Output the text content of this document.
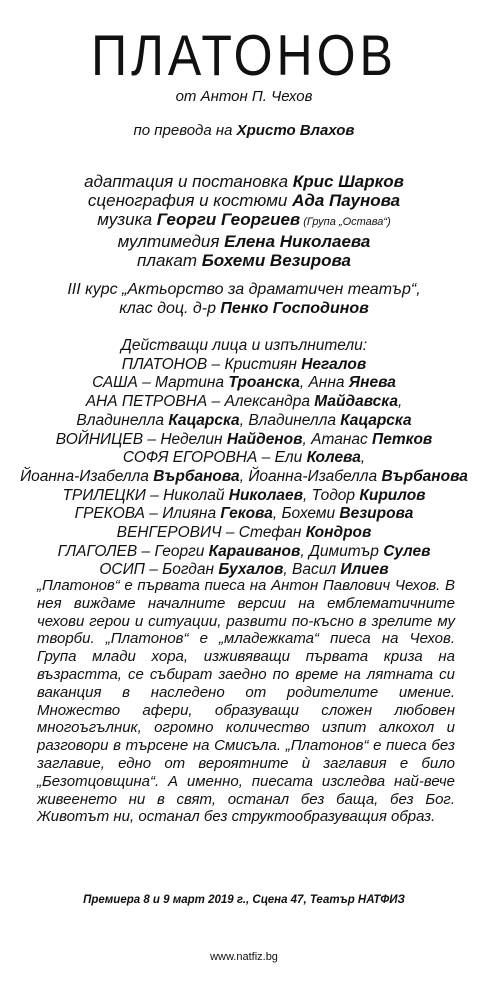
ПЛАТОНОВ
от Антон П. Чехов
по превода на Христо Влахов
адаптация и постановка Крис Шарков
сценография и костюми Ада Паунова
музика Георги Георгиев (Група „Остава“)
мултимедия Елена Николаева
плакат Бохеми Везирова
III курс „Актьорство за драматичен театър“,
клас доц. д-р Пенко Господинов
Действащи лица и изпълнители:
ПЛАТОНОВ – Кристиян Негалов
САША – Мартина Троанска, Анна Янева
АНА ПЕТРОВНА – Александра Майдавска,
Владинелла Кацарска, Владинелла Кацарска
ВОЙНИЦЕВ – Неделин Найденов, Атанас Петков
СОФЯ ЕГОРОВНА – Ели Колева,
Йоанна-Изабелла Върбанова, Йоанна-Изабелла Върбанова
ТРИЛЕЦКИ – Николай Николаев, Тодор Кирилов
ГРЕКОВА – Илияна Гекова, Бохеми Везирова
ВЕНГЕРОВИЧ – Стефан Кондров
ГЛАГОЛЕВ – Георги Караиванов, Димитър Сулев
ОСИП – Богдан Бухалов, Васил Илиев
„Платонов“ е първата пиеса на Антон Павлович Чехов. В нея виждаме началните версии на емблематичните чехови герои и ситуации, развити по-късно в зрелите му творби. „Платонов“ е „младежката“ пиеса на Чехов. Група млади хора, изживяващи първата криза на възрастта, се събират заедно по време на лятната си ваканция в наследено от родителите имение. Множество афери, образуващи сложен любовен многоъгълник, огромно количество изпит алкохол и разговори в търсене на Смисъла. „Платонов“ е пиеса без заглавие, едно от вероятните ѝ заглавия е било „Безотцовщина“. А именно, пиесата изследва най-вече живеенето ни в свят, останал без баща, без Бог. Животът ни, останал без структообразуващия образ.
Премиера 8 и 9 март 2019 г., Сцена 47, Театър НАТФИЗ
www.natfiz.bg
